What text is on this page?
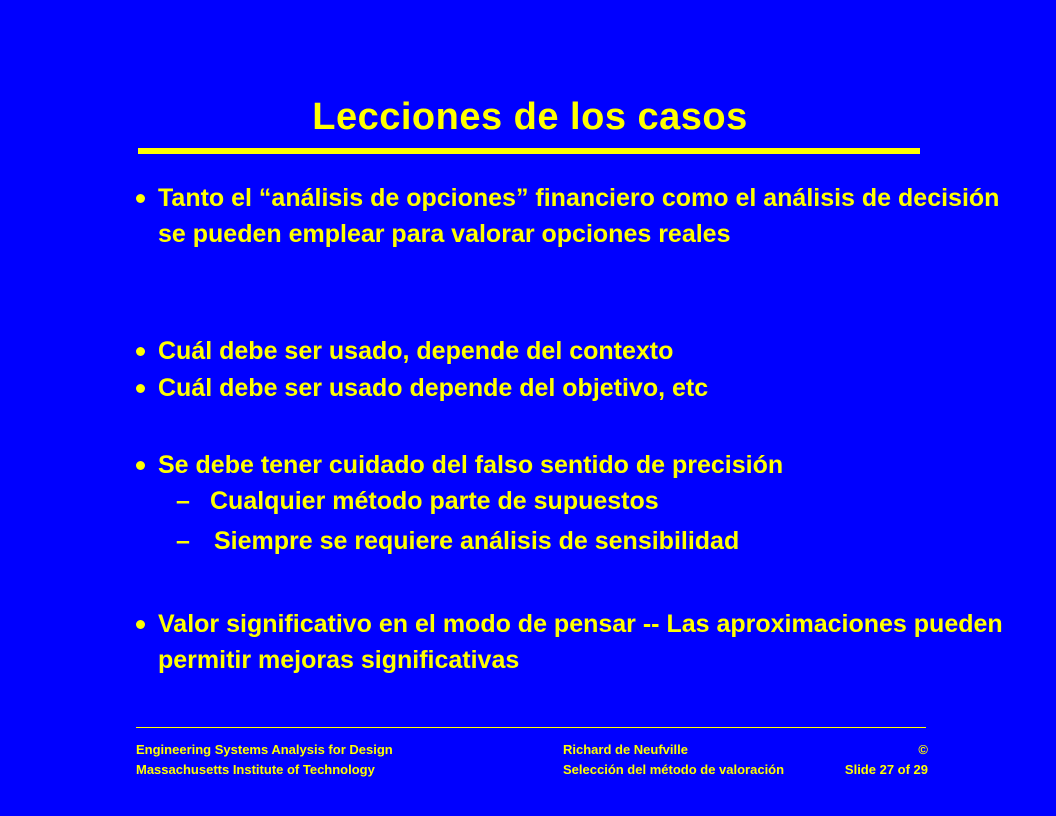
Lecciones de los casos
Tanto el “análisis de opciones” financiero como el análisis de decisión se pueden emplear para valorar opciones reales
Cuál debe ser usado, depende del contexto
Cuál debe ser usado depende del objetivo, etc
Se debe tener cuidado del falso sentido de precisión
– Cualquier método parte de supuestos
– Siempre se requiere análisis de sensibilidad
Valor significativo en el modo de pensar -- Las aproximaciones pueden permitir mejoras significativas
Engineering Systems Analysis for Design
Massachusetts Institute of Technology
Richard de Neufville	©
Selección del método de valoración	Slide 27 of 29
